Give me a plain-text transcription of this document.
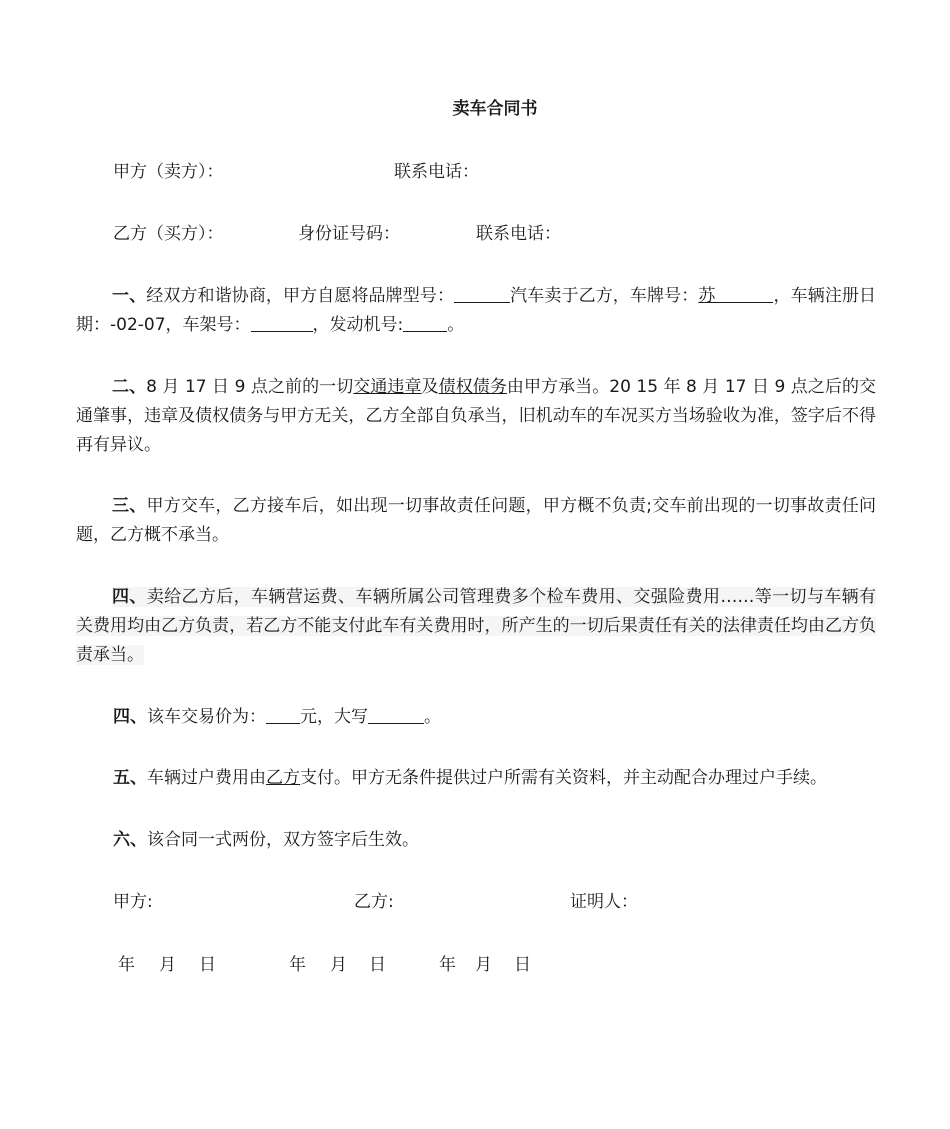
卖车合同书
甲方（卖方）：	联系电话：
乙方（买方）：	身份证号码：	联系电话：
一、经双方和谐协商，甲方自愿将品牌型号：	汽车卖于乙方，车牌号：苏	，车辆注册日期：-02-07，车架号：	，发动机号:	。
二、8 月 17 日 9 点之前的一切交通违章及债权债务由甲方承当。20 15 年 8 月 17 日 9 点之后的交通肇事，违章及债权债务与甲方无关，乙方全部自负承当，旧机动车的车况买方当场验收为准，签字后不得再有异议。
三、甲方交车，乙方接车后，如出现一切事故责任问题，甲方概不负责;交车前出现的一切事故责任问题，乙方概不承当。
四、卖给乙方后，车辆营运费、车辆所属公司管理费多个检车费用、交强险费用……等一切与车辆有关费用均由乙方负责，若乙方不能支付此车有关费用时，所产生的一切后果责任有关的法律责任均由乙方负责承当。
四、该车交易价为： 元，大写	。
五、车辆过户费用由乙方支付。甲方无条件提供过户所需有关资料，并主动配合办理过户手续。
六、该合同一式两份，双方签字后生效。
甲方:	乙方:	证明人：
年 月 日	年 月 日	年 月 日
